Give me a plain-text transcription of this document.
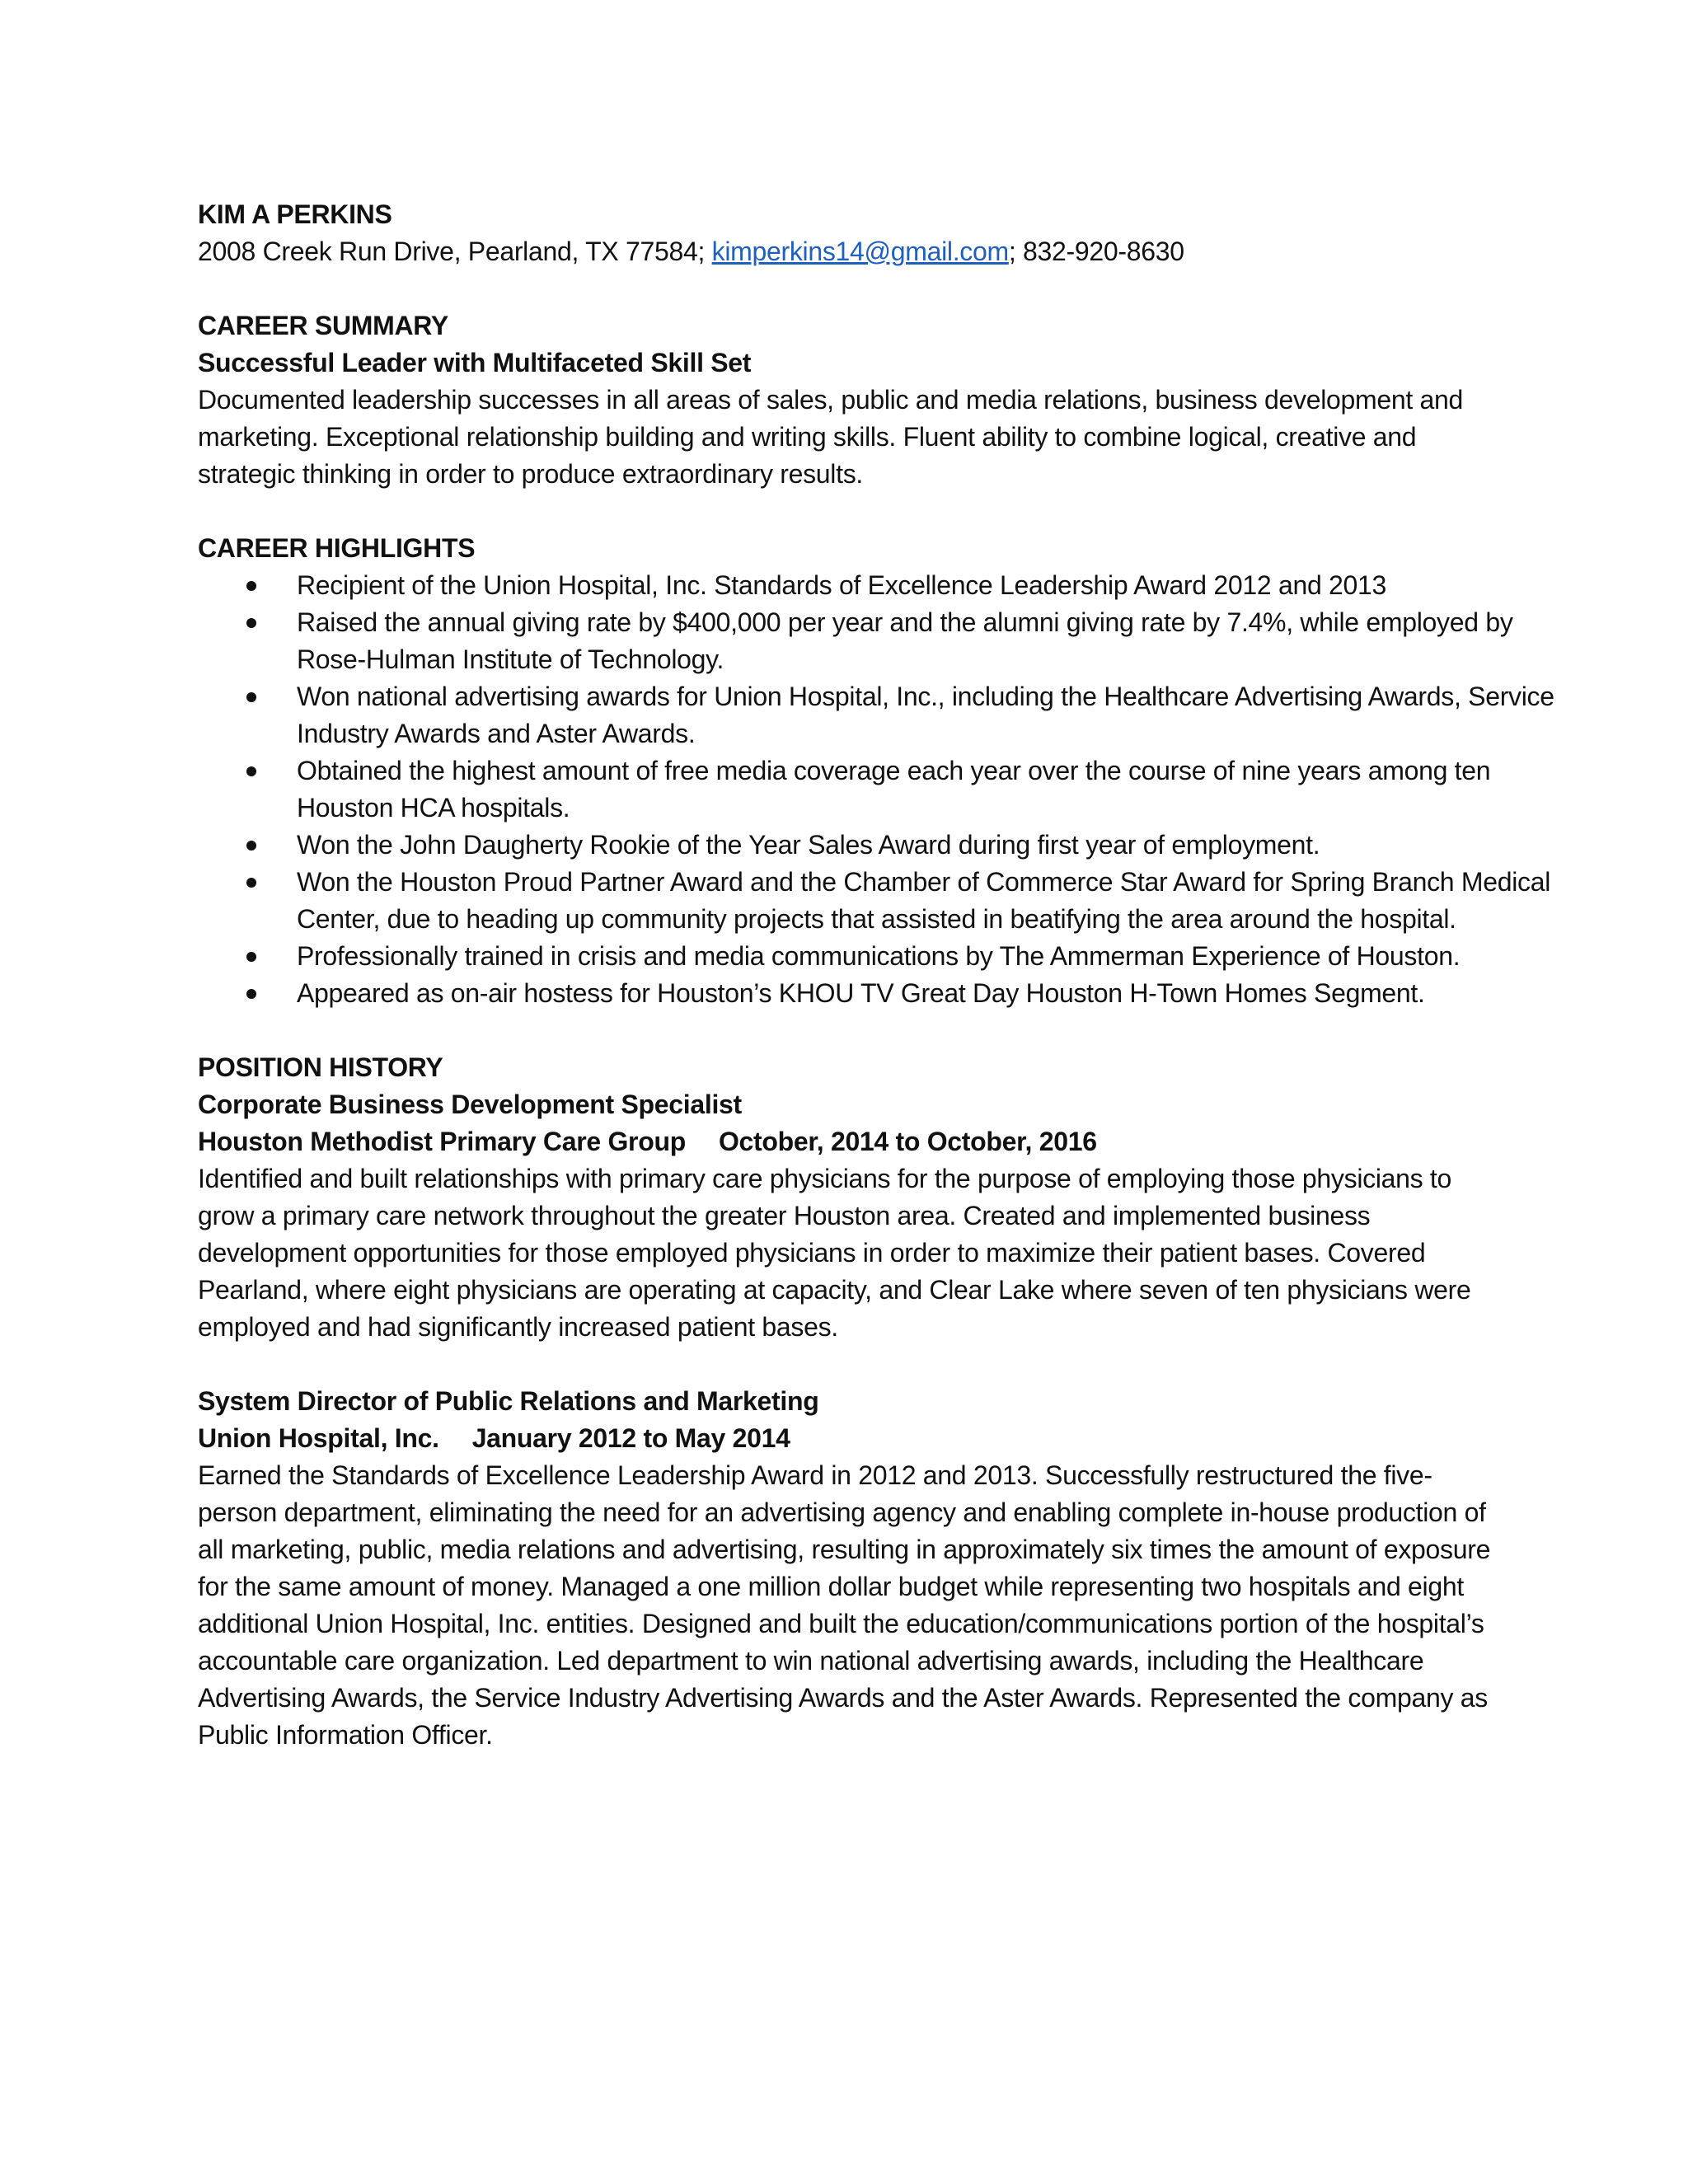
KIM A PERKINS
2008 Creek Run Drive, Pearland, TX 77584; kimperkins14@gmail.com; 832-920-8630
CAREER SUMMARY
Successful Leader with Multifaceted Skill Set

Documented leadership successes in all areas of sales, public and media relations, business development and marketing. Exceptional relationship building and writing skills. Fluent ability to combine logical, creative and strategic thinking in order to produce extraordinary results.

CAREER HIGHLIGHTS
Recipient of the Union Hospital, Inc. Standards of Excellence Leadership Award 2012 and 2013
Raised the annual giving rate by $400,000 per year and the alumni giving rate by 7.4%, while employed by Rose-Hulman Institute of Technology.
Won national advertising awards for Union Hospital, Inc., including the Healthcare Advertising Awards, Service Industry Awards and Aster Awards.
Obtained the highest amount of free media coverage each year over the course of nine years among ten Houston HCA hospitals.
Won the John Daugherty Rookie of the Year Sales Award during first year of employment.
Won the Houston Proud Partner Award and the Chamber of Commerce Star Award for Spring Branch Medical Center, due to heading up community projects that assisted in beatifying the area around the hospital.
Professionally trained in crisis and media communications by The Ammerman Experience of Houston.
Appeared as on-air hostess for Houston’s KHOU TV Great Day Houston H-Town Homes Segment.
POSITION HISTORY
Corporate Business Development Specialist
Houston Methodist Primary Care Group October, 2014 to October, 2016

Identified and built relationships with primary care physicians for the purpose of employing those physicians to grow a primary care network throughout the greater Houston area. Created and implemented business development opportunities for those employed physicians in order to maximize their patient bases. Covered Pearland, where eight physicians are operating at capacity, and Clear Lake where seven of ten physicians were employed and had significantly increased patient bases.

System Director of Public Relations and Marketing
Union Hospital, Inc. January 2012 to May 2014

Earned the Standards of Excellence Leadership Award in 2012 and 2013. Successfully restructured the five-person department, eliminating the need for an advertising agency and enabling complete in-house production of all marketing, public, media relations and advertising, resulting in approximately six times the amount of exposure for the same amount of money. Managed a one million dollar budget while representing two hospitals and eight additional Union Hospital, Inc. entities. Designed and built the education/communications portion of the hospital’s accountable care organization. Led department to win national advertising awards, including the Healthcare Advertising Awards, the Service Industry Advertising Awards and the Aster Awards. Represented the company as Public Information Officer.
